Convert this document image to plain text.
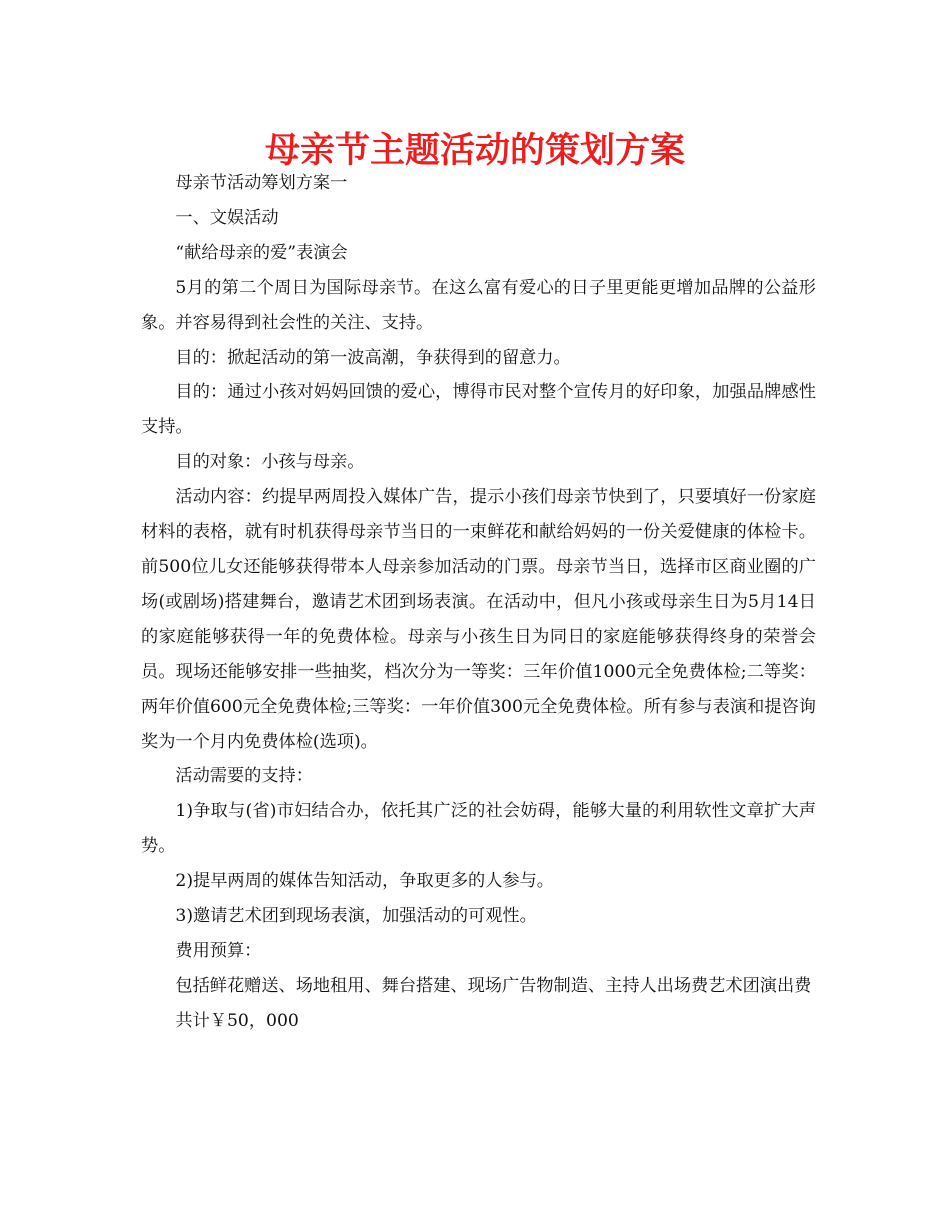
母亲节主题活动的策划方案

母亲节活动筹划方案一

一、文娱活动

“献给母亲的爱”表演会

5月的第二个周日为国际母亲节。在这么富有爱心的日子里更能更增加品牌的公益形象。并容易得到社会性的关注、支持。

目的：掀起活动的第一波高潮，争获得到的留意力。

目的：通过小孩对妈妈回馈的爱心，博得市民对整个宣传月的好印象，加强品牌感性支持。

目的对象：小孩与母亲。

活动内容：约提早两周投入媒体广告，提示小孩们母亲节快到了，只要填好一份家庭材料的表格，就有时机获得母亲节当日的一束鲜花和献给妈妈的一份关爱健康的体检卡。前500位儿女还能够获得带本人母亲参加活动的门票。母亲节当日，选择市区商业圈的广场(或剧场)搭建舞台，邀请艺术团到场表演。在活动中，但凡小孩或母亲生日为5月14日的家庭能够获得一年的免费体检。母亲与小孩生日为同日的家庭能够获得终身的荣誉会员。现场还能够安排一些抽奖，档次分为一等奖：三年价值1000元全免费体检;二等奖：两年价值600元全免费体检;三等奖：一年价值300元全免费体检。所有参与表演和提咨询奖为一个月内免费体检(选项)。

活动需要的支持：

1)争取与(省)市妇结合办，依托其广泛的社会妨碍，能够大量的利用软性文章扩大声势。

2)提早两周的媒体告知活动，争取更多的人参与。

3)邀请艺术团到现场表演，加强活动的可观性。

费用预算：

包括鲜花赠送、场地租用、舞台搭建、现场广告物制造、主持人出场费艺术团演出费

共计￥50，000
